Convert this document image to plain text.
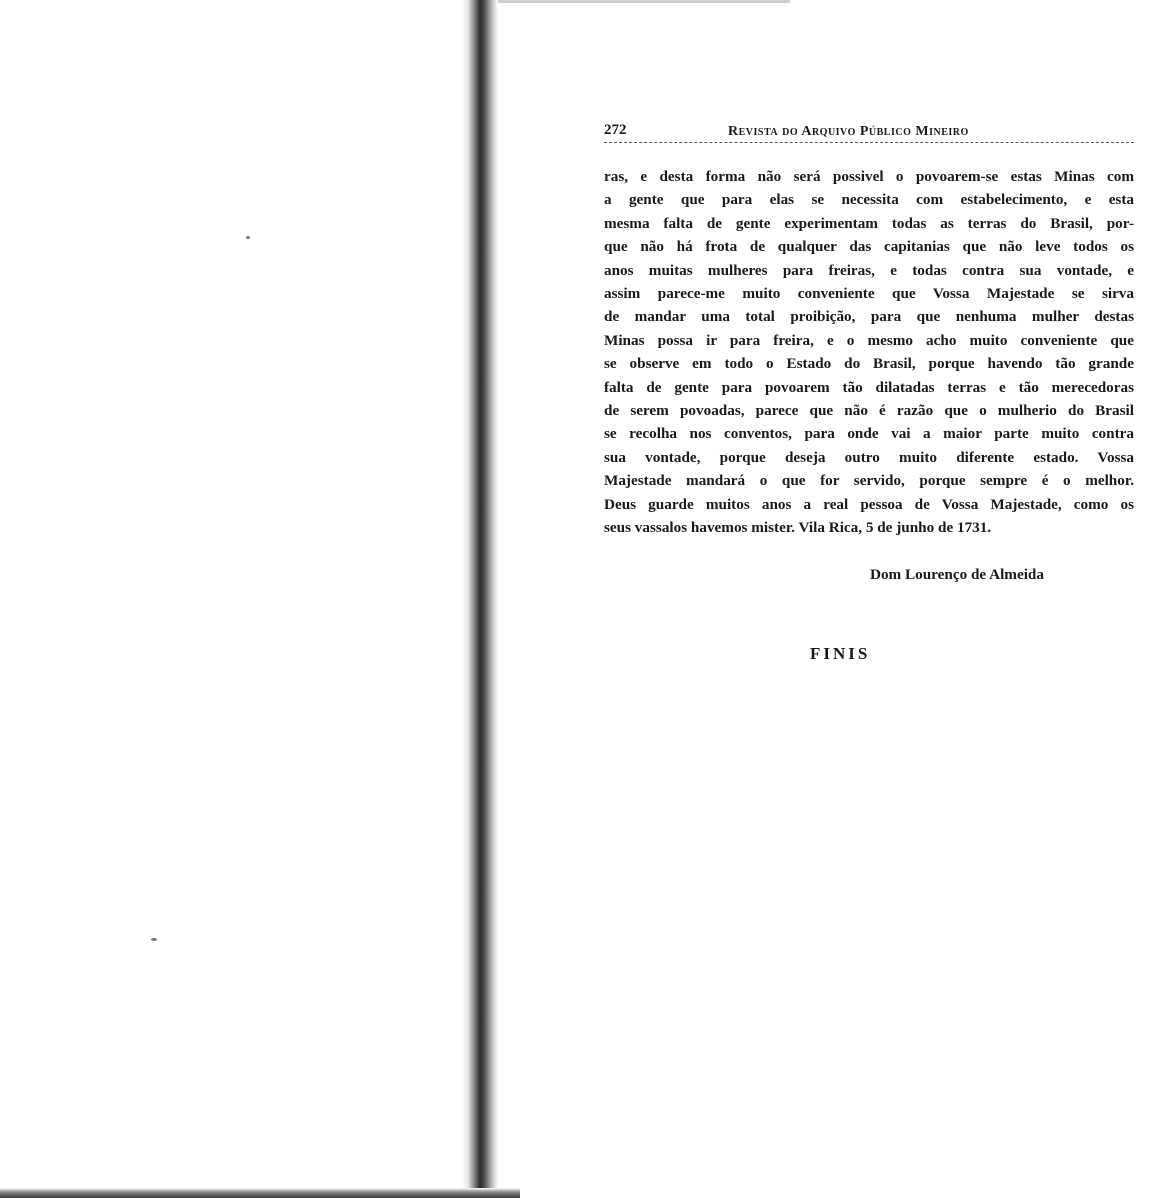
272	Revista do Arquivo Público Mineiro
ras, e desta forma não será possivel o povoarem-se estas Minas com
a gente que para elas se necessita com estabelecimento, e esta
mesma falta de gente experimentam todas as terras do Brasil, por-
que não há frota de qualquer das capitanias que não leve todos os
anos muitas mulheres para freiras, e todas contra sua vontade, e
assim parece-me muito conveniente que Vossa Majestade se sirva
de mandar uma total proibição, para que nenhuma mulher destas
Minas possa ir para freira, e o mesmo acho muito conveniente que
se observe em todo o Estado do Brasil, porque havendo tão grande
falta de gente para povoarem tão dilatadas terras e tão merecedoras
de serem povoadas, parece que não é razão que o mulherio do Brasil
se recolha nos conventos, para onde vai a maior parte muito contra
sua vontade, porque deseja outro muito diferente estado. Vossa
Majestade mandará o que for servido, porque sempre é o melhor.
Deus guarde muitos anos a real pessoa de Vossa Majestade, como os
seus vassalos havemos mister. Vila Rica, 5 de junho de 1731.
Dom Lourenço de Almeida
FINIS
